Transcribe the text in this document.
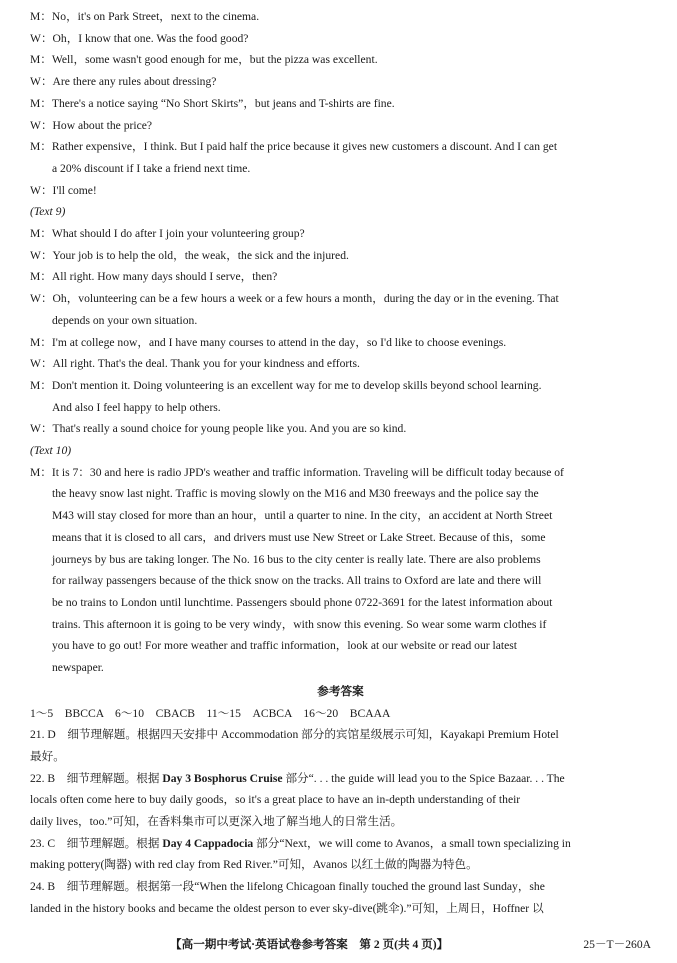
M：No，it's on Park Street，next to the cinema.
W：Oh，I know that one. Was the food good?
M：Well，some wasn't good enough for me，but the pizza was excellent.
W：Are there any rules about dressing?
M：There's a notice saying “No Short Skirts”，but jeans and T-shirts are fine.
W：How about the price?
M：Rather expensive，I think. But I paid half the price because it gives new customers a discount. And I can get
a 20% discount if I take a friend next time.
W：I'll come!
(Text 9)
M：What should I do after I join your volunteering group?
W：Your job is to help the old，the weak，the sick and the injured.
M：All right. How many days should I serve，then?
W：Oh，volunteering can be a few hours a week or a few hours a month，during the day or in the evening. That
depends on your own situation.
M：I'm at college now，and I have many courses to attend in the day，so I'd like to choose evenings.
W：All right. That's the deal. Thank you for your kindness and efforts.
M：Don't mention it. Doing volunteering is an excellent way for me to develop skills beyond school learning.
And also I feel happy to help others.
W：That's really a sound choice for young people like you. And you are so kind.
(Text 10)
M：It is 7：30 and here is radio JPD's weather and traffic information. Traveling will be difficult today because of
the heavy snow last night. Traffic is moving slowly on the M16 and M30 freeways and the police say the
M43 will stay closed for more than an hour，until a quarter to nine. In the city，an accident at North Street
means that it is closed to all cars，and drivers must use New Street or Lake Street. Because of this，some
journeys by bus are taking longer. The No. 16 bus to the city center is really late. There are also problems
for railway passengers because of the thick snow on the tracks. All trains to Oxford are late and there will
be no trains to London until lunchtime. Passengers sbould phone 0722-3691 for the latest information about
trains. This afternoon it is going to be very windy，with snow this evening. So wear some warm clothes if
you have to go out! For more weather and traffic information，look at our website or read our latest
newspaper.
参考答案
1～5　BBCCA　6～10　CBACB　11～15　ACBCA　16～20　BCAAA
21. D　细节理解题。根据四天安排中 Accommodation 部分的宾馆星级展示可知，Kayakapi Premium Hotel
最好。
22. B　细节理解题。根据 Day 3 Bosphorus Cruise 部分“. . . the guide will lead you to the Spice Bazaar. . . The
locals often come here to buy daily goods，so it's a great place to have an in-depth understanding of their
daily lives，too.”可知，在香料集市可以更深入地了解当地人的日常生活。
23. C　细节理解题。根据 Day 4 Cappadocia 部分“Next，we will come to Avanos，a small town specializing in
making pottery(陶器) with red clay from Red River.”可知，Avanos 以红土做的陶器为特色。
24. B　细节理解题。根据第一段“When the lifelong Chicagoan finally touched the ground last Sunday，she
landed in the history books and became the oldest person to ever sky-dive(跳伞).”可知，上周日，Hoffner 以
【高一期中考试·英语试卷参考答案　第 2 页(共 4 页)】	25－T－260A
